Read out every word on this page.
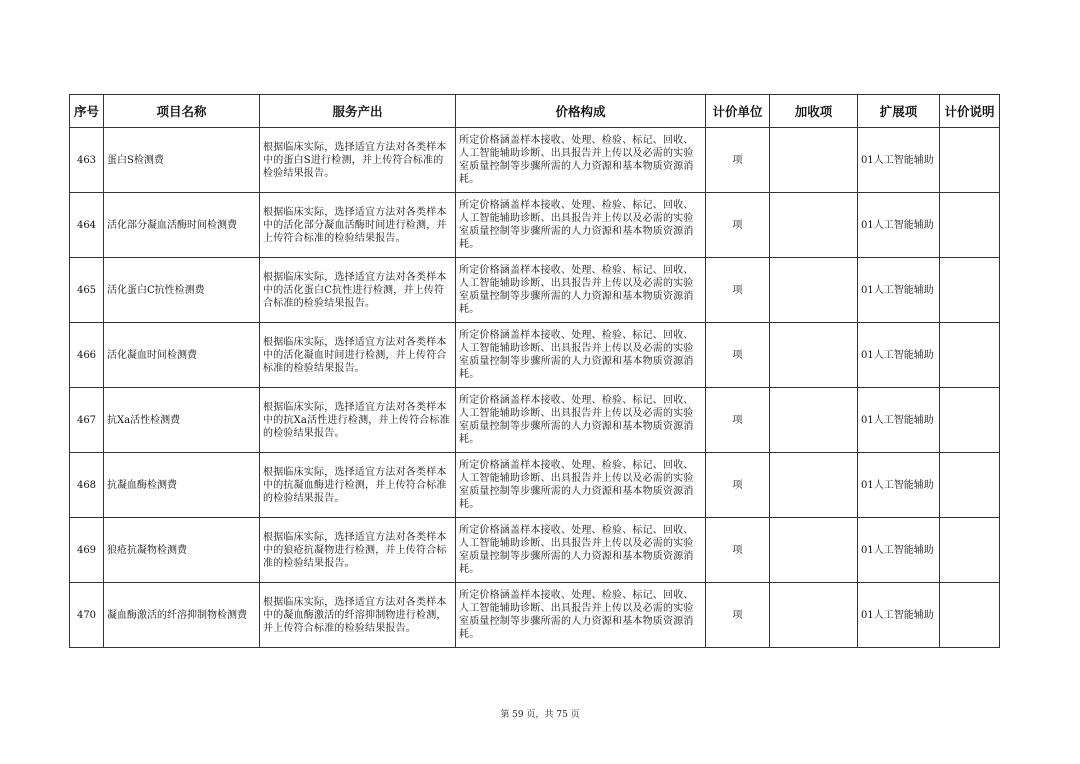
序号	项目名称	服务产出	价格构成	计价单位	加收项	扩展项	计价说明
463	蛋白S检测费	根据临床实际，选择适宜方法对各类样本中的蛋白S进行检测，并上传符合标准的检验结果报告。	所定价格涵盖样本接收、处理、检验、标记、回收、人工智能辅助诊断、出具报告并上传以及必需的实验室质量控制等步骤所需的人力资源和基本物质资源消耗。	项		01人工智能辅助	
464	活化部分凝血活酶时间检测费	根据临床实际，选择适宜方法对各类样本中的活化部分凝血活酶时间进行检测，并上传符合标准的检验结果报告。	所定价格涵盖样本接收、处理、检验、标记、回收、人工智能辅助诊断、出具报告并上传以及必需的实验室质量控制等步骤所需的人力资源和基本物质资源消耗。	项		01人工智能辅助	
465	活化蛋白C抗性检测费	根据临床实际，选择适宜方法对各类样本中的活化蛋白C抗性进行检测，并上传符合标准的检验结果报告。	所定价格涵盖样本接收、处理、检验、标记、回收、人工智能辅助诊断、出具报告并上传以及必需的实验室质量控制等步骤所需的人力资源和基本物质资源消耗。	项		01人工智能辅助	
466	活化凝血时间检测费	根据临床实际，选择适宜方法对各类样本中的活化凝血时间进行检测，并上传符合标准的检验结果报告。	所定价格涵盖样本接收、处理、检验、标记、回收、人工智能辅助诊断、出具报告并上传以及必需的实验室质量控制等步骤所需的人力资源和基本物质资源消耗。	项		01人工智能辅助	
467	抗Xa活性检测费	根据临床实际，选择适宜方法对各类样本中的抗Xa活性进行检测，并上传符合标准的检验结果报告。	所定价格涵盖样本接收、处理、检验、标记、回收、人工智能辅助诊断、出具报告并上传以及必需的实验室质量控制等步骤所需的人力资源和基本物质资源消耗。	项		01人工智能辅助	
468	抗凝血酶检测费	根据临床实际，选择适宜方法对各类样本中的抗凝血酶进行检测，并上传符合标准的检验结果报告。	所定价格涵盖样本接收、处理、检验、标记、回收、人工智能辅助诊断、出具报告并上传以及必需的实验室质量控制等步骤所需的人力资源和基本物质资源消耗。	项		01人工智能辅助	
469	狼疮抗凝物检测费	根据临床实际，选择适宜方法对各类样本中的狼疮抗凝物进行检测，并上传符合标准的检验结果报告。	所定价格涵盖样本接收、处理、检验、标记、回收、人工智能辅助诊断、出具报告并上传以及必需的实验室质量控制等步骤所需的人力资源和基本物质资源消耗。	项		01人工智能辅助	
470	凝血酶激活的纤溶抑制物检测费	根据临床实际，选择适宜方法对各类样本中的凝血酶激活的纤溶抑制物进行检测，并上传符合标准的检验结果报告。	所定价格涵盖样本接收、处理、检验、标记、回收、人工智能辅助诊断、出具报告并上传以及必需的实验室质量控制等步骤所需的人力资源和基本物质资源消耗。	项		01人工智能辅助	
第 59 页，共 75 页
